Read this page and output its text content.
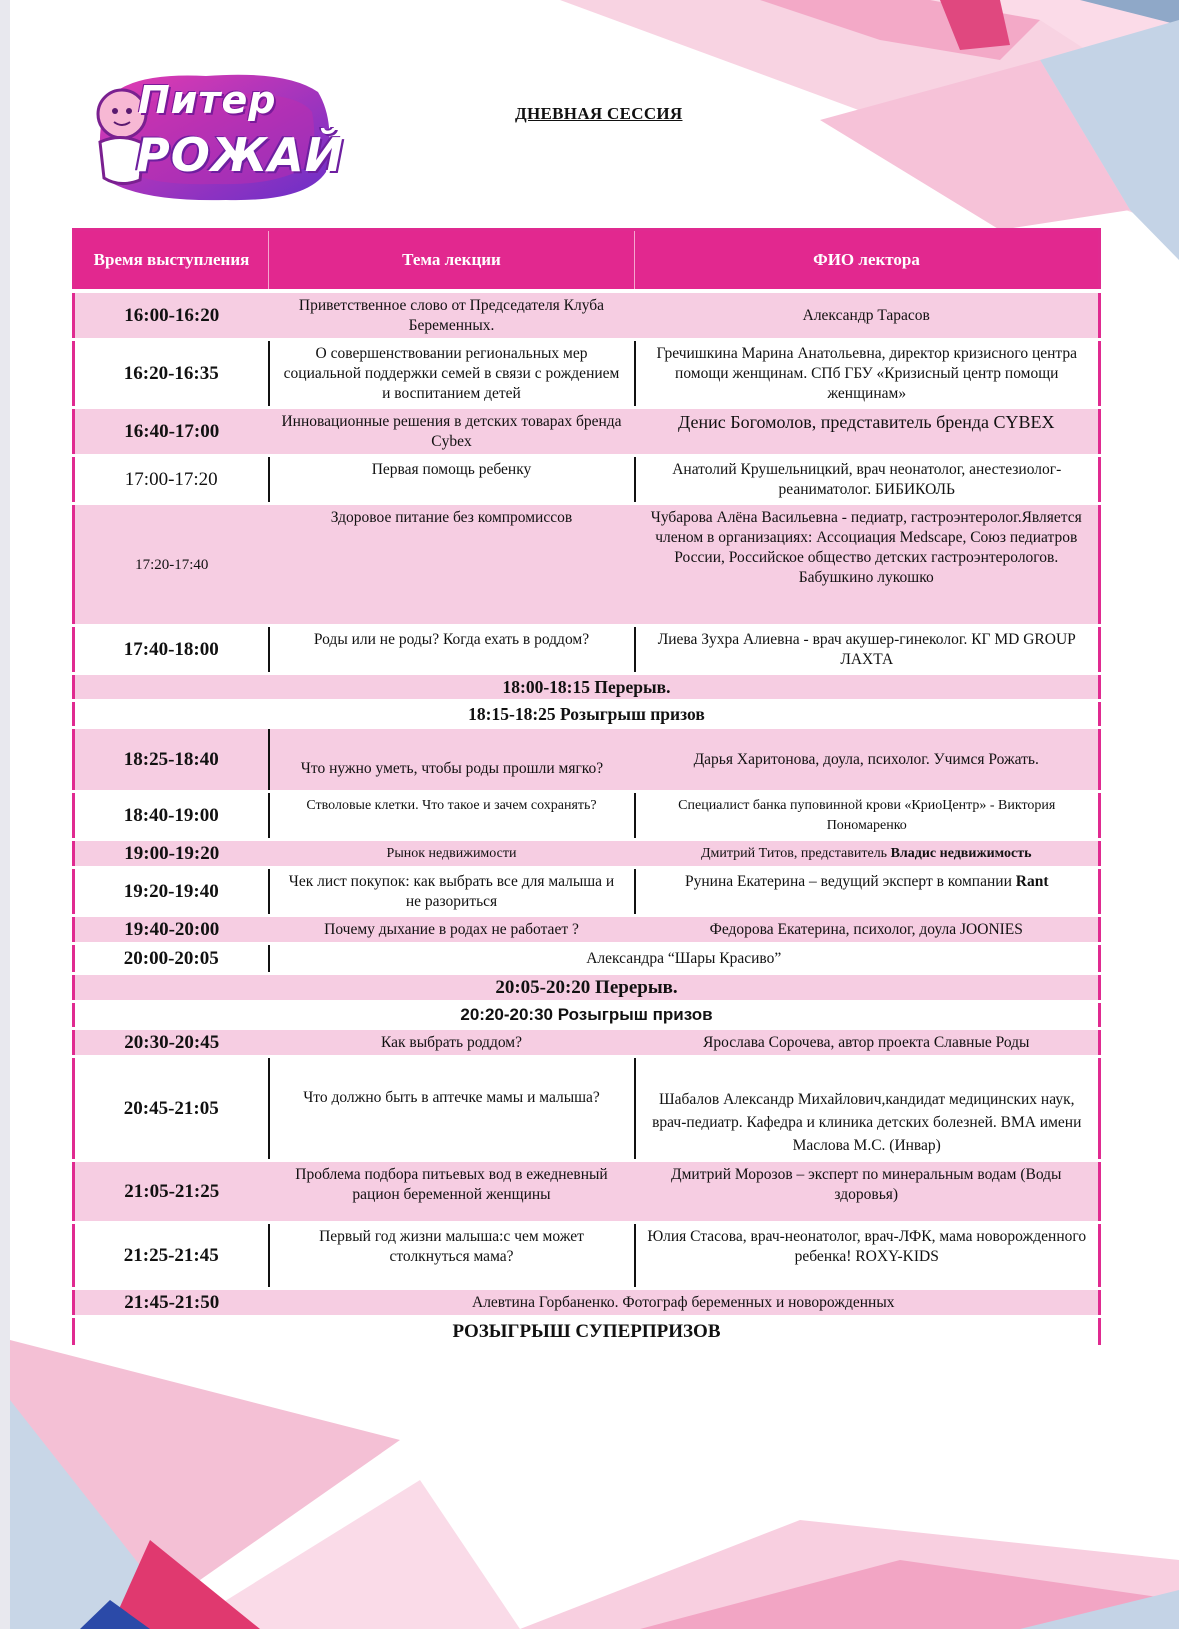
Питер
РОЖАЙ
ДНЕВНАЯ СЕССИЯ
Время выступления	Тема лекции	ФИО лектора
16:00-16:20	Приветственное слово от Председателя Клуба Беременных.	Александр Тарасов
16:20-16:35	О совершенствовании региональных мер социальной поддержки семей в связи с рождением и воспитанием детей	Гречишкина Марина Анатольевна, директор кризисного центра помощи женщинам. СПб ГБУ «Кризисный центр помощи женщинам»
16:40-17:00	Инновационные решения в детских товарах бренда Cybex	Денис Богомолов, представитель бренда CYBEX
17:00-17:20	Первая помощь ребенку	Анатолий Крушельницкий, врач неонатолог, анестезиолог-реаниматолог. БИБИКОЛЬ
17:20-17:40	Здоровое питание без компромиссов	Чубарова Алёна Васильевна - педиатр, гастроэнтеролог.Является членом в организациях: Ассоциация Medscape, Союз педиатров России, Российское общество детских гастроэнтерологов. Бабушкино лукошко
17:40-18:00	Роды или не роды? Когда ехать в роддом?	Лиева Зухра Алиевна - врач акушер-гинеколог. КГ MD GROUP ЛАХТА
18:00-18:15 Перерыв.		
18:15-18:25 Розыгрыш призов		
18:25-18:40	Что нужно уметь, чтобы роды прошли мягко?	Дарья Харитонова, доула, психолог. Учимся Рожать.
18:40-19:00	Стволовые клетки. Что такое и зачем сохранять?	Специалист банка пуповинной крови «КриоЦентр» - Виктория Пономаренко
19:00-19:20	Рынок недвижимости	Дмитрий Титов, представитель Владис недвижимость
19:20-19:40	Чек лист покупок: как выбрать все для малыша и не разориться	Рунина Екатерина – ведущий эксперт в компании Rant
19:40-20:00	Почему дыхание в родах не работает ?	Федорова Екатерина, психолог, доула JOONIES
20:00-20:05	Александра “Шары Красиво”	
20:05-20:20 Перерыв.		
20:20-20:30 Розыгрыш призов		
20:30-20:45	Как выбрать роддом?	Ярослава Сорочева, автор проекта Славные Роды
20:45-21:05	Что должно быть в аптечке мамы и малыша?	Шабалов Александр Михайлович,кандидат медицинских наук, врач-педиатр. Кафедра и клиника детских болезней. ВМА имени Маслова М.С. (Инвар)
21:05-21:25	Проблема подбора питьевых вод в ежедневный рацион беременной женщины	Дмитрий Морозов – эксперт по минеральным водам (Воды здоровья)
21:25-21:45	Первый год жизни малыша:с чем может столкнуться мама?	Юлия Стасова, врач-неонатолог, врач-ЛФК, мама новорожденного ребенка! ROXY-KIDS
21:45-21:50	Алевтина Горбаненко. Фотограф беременных и новорожденных	
РОЗЫГРЫШ СУПЕРПРИЗОВ		
